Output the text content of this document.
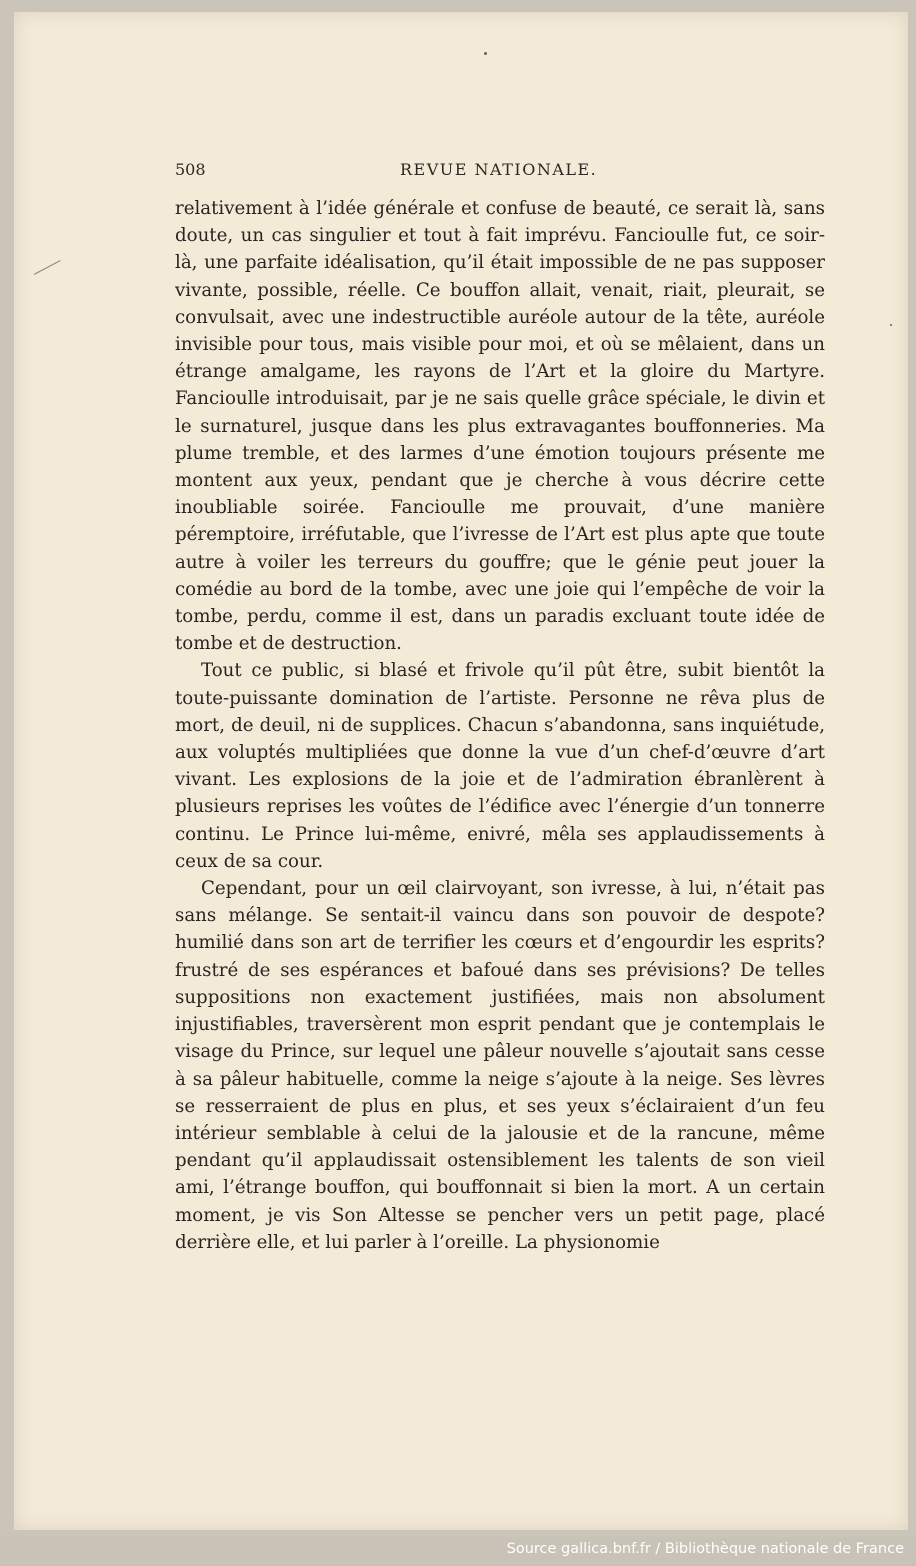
508	REVUE NATIONALE.

relativement à l’idée générale et confuse de beauté, ce serait là, sans doute, un cas singulier et tout à fait imprévu. Fancioulle fut, ce soir-là, une parfaite idéalisation, qu’il était impossible de ne pas supposer vivante, possible, réelle. Ce bouffon allait, venait, riait, pleurait, se convulsait, avec une indestructible auréole autour de la tête, auréole invisible pour tous, mais visible pour moi, et où se mêlaient, dans un étrange amalgame, les rayons de l’Art et la gloire du Martyre. Fancioulle introduisait, par je ne sais quelle grâce spéciale, le divin et le surnaturel, jusque dans les plus extravagantes bouffonneries. Ma plume tremble, et des larmes d’une émotion toujours présente me montent aux yeux, pendant que je cherche à vous décrire cette inoubliable soirée. Fancioulle me prouvait, d’une manière péremptoire, irréfutable, que l’ivresse de l’Art est plus apte que toute autre à voiler les terreurs du gouffre; que le génie peut jouer la comédie au bord de la tombe, avec une joie qui l’empêche de voir la tombe, perdu, comme il est, dans un paradis excluant toute idée de tombe et de destruction.

Tout ce public, si blasé et frivole qu’il pût être, subit bientôt la toute-puissante domination de l’artiste. Personne ne rêva plus de mort, de deuil, ni de supplices. Chacun s’abandonna, sans inquiétude, aux voluptés multipliées que donne la vue d’un chef-d’œuvre d’art vivant. Les explosions de la joie et de l’admiration ébranlèrent à plusieurs reprises les voûtes de l’édifice avec l’énergie d’un tonnerre continu. Le Prince lui-même, enivré, mêla ses applaudissements à ceux de sa cour.

Cependant, pour un œil clairvoyant, son ivresse, à lui, n’était pas sans mélange. Se sentait-il vaincu dans son pouvoir de despote? humilié dans son art de terrifier les cœurs et d’engourdir les esprits? frustré de ses espérances et bafoué dans ses prévisions? De telles suppositions non exactement justifiées, mais non absolument injustifiables, traversèrent mon esprit pendant que je contemplais le visage du Prince, sur lequel une pâleur nouvelle s’ajoutait sans cesse à sa pâleur habituelle, comme la neige s’ajoute à la neige. Ses lèvres se resserraient de plus en plus, et ses yeux s’éclairaient d’un feu intérieur semblable à celui de la jalousie et de la rancune, même pendant qu’il applaudissait ostensiblement les talents de son vieil ami, l’étrange bouffon, qui bouffonnait si bien la mort. A un certain moment, je vis Son Altesse se pencher vers un petit page, placé derrière elle, et lui parler à l’oreille. La physionomie

Source gallica.bnf.fr / Bibliothèque nationale de France
